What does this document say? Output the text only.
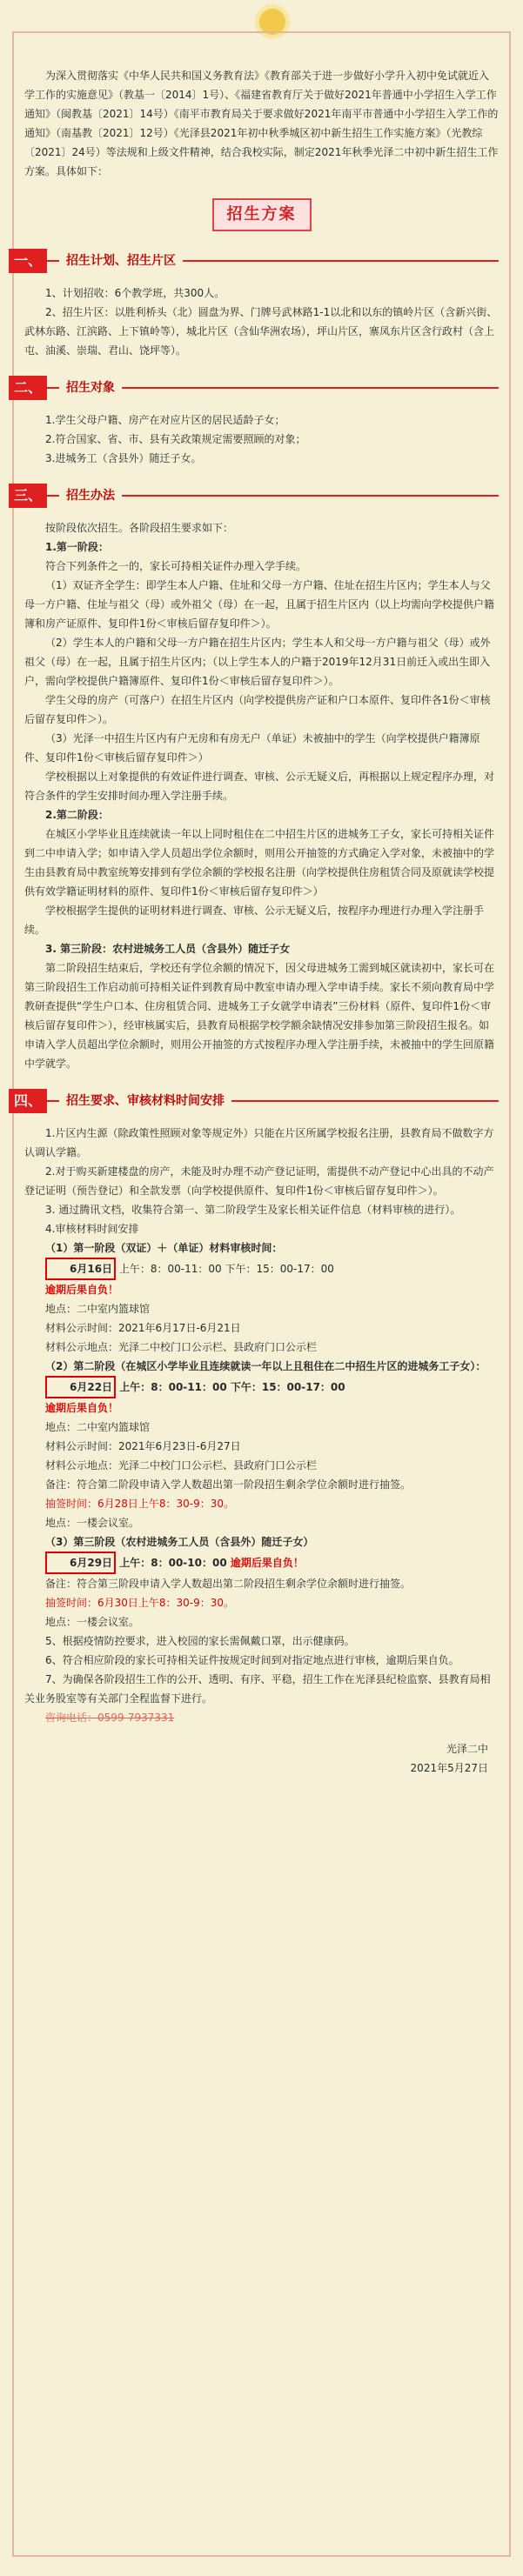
为深入贯彻落实《中华人民共和国义务教育法》《教育部关于进一步做好小学升入初中免试就近入学工作的实施意见》（教基一〔2014〕1号）、《福建省教育厅关于做好2021年普通中小学招生入学工作通知》（闽教基〔2021〕14号）《南平市教育局关于要求做好2021年南平市普通中小学招生入学工作的通知》（南基教〔2021〕12号）《光泽县2021年初中秋季城区初中新生招生工作实施方案》（光教综〔2021〕24号）等法规和上级文件精神，结合我校实际，制定2021年秋季光泽二中初中新生招生工作方案。具体如下：

招生方案
一、	招生计划、招生片区

1、计划招收：6个教学班，共300人。

2、招生片区：以胜利桥头（北）圆盘为界、门牌号武林路1-1以北和以东的镇岭片区（含新兴街、武林东路、江滨路、上下镇岭等），城北片区（含仙华洲农场），坪山片区，寨凤东片区含行政村（含上屯、油溪、崇瑞、君山、饶坪等）。

二、	招生对象

1.学生父母户籍、房产在对应片区的居民适龄子女；

2.符合国家、省、市、县有关政策规定需要照顾的对象；

3.进城务工（含县外）随迁子女。

三、	招生办法

按阶段依次招生。各阶段招生要求如下：

1.第一阶段：

符合下列条件之一的，家长可持相关证件办理入学手续。

（1）双证齐全学生：即学生本人户籍、住址和父母一方户籍、住址在招生片区内；学生本人与父母一方户籍、住址与祖父（母）或外祖父（母）在一起，且属于招生片区内（以上均需向学校提供户籍簿和房产证原件、复印件1份＜审核后留存复印件＞）。

（2）学生本人的户籍和父母一方户籍在招生片区内；学生本人和父母一方户籍与祖父（母）或外祖父（母）在一起，且属于招生片区内；（以上学生本人的户籍于2019年12月31日前迁入或出生即入户，需向学校提供户籍簿原件、复印件1份＜审核后留存复印件＞）。

学生父母的房产（可落户）在招生片区内（向学校提供房产证和户口本原件、复印件各1份＜审核后留存复印件＞）。

（3）光泽一中招生片区内有户无房和有房无户（单证）未被抽中的学生（向学校提供户籍簿原件、复印件1份＜审核后留存复印件＞）

学校根据以上对象提供的有效证件进行调查、审核、公示无疑义后，再根据以上规定程序办理，对符合条件的学生安排时间办理入学注册手续。

2.第二阶段：

在城区小学毕业且连续就读一年以上同时租住在二中招生片区的进城务工子女，家长可持相关证件到二中申请入学；如申请入学人员超出学位余额时，则用公开抽签的方式确定入学对象，未被抽中的学生由县教育局中教室统筹安排到有学位余额的学校报名注册（向学校提供住房租赁合同及原就读学校提供有效学籍证明材料的原件、复印件1份＜审核后留存复印件＞）

学校根据学生提供的证明材料进行调查、审核、公示无疑义后，按程序办理进行办理入学注册手续。

3. 第三阶段：农村进城务工人员（含县外）随迁子女

第二阶段招生结束后，学校还有学位余额的情况下，因父母进城务工需到城区就读初中，家长可在第三阶段招生工作启动前可持相关证件到教育局中教室申请办理入学申请手续。家长不须向教育局中学教研查提供“学生户口本、住房租赁合同、进城务工子女就学申请表”三份材料（原件、复印件1份＜审核后留存复印件＞），经审核属实后，县教育局根据学校学额余缺情况安排参加第三阶段招生报名。如申请入学人员超出学位余额时，则用公开抽签的方式按程序办理入学注册手续，未被抽中的学生回原籍中学就学。

四、	招生要求、审核材料时间安排

1.片区内生源（除政策性照顾对象等规定外）只能在片区所属学校报名注册，县教育局不做数字方认调认学籍。

2.对于购买新建楼盘的房产，未能及时办理不动产登记证明，需提供不动产登记中心出具的不动产登记证明（预告登记）和全款发票（向学校提供原件、复印件1份＜审核后留存复印件＞）。

3. 通过腾讯文档，收集符合第一、第二阶段学生及家长相关证件信息（材料审核的进行）。

4.审核材料时间安排

（1）第一阶段（双证）＋（单证）材料审核时间：

6月16日 上午：8：00-11：00 下午：15：00-17：00

逾期后果自负！

地点：二中室内篮球馆

材料公示时间：2021年6月17日-6月21日

材料公示地点：光泽二中校门口公示栏、县政府门口公示栏

（2）第二阶段（在城区小学毕业且连续就读一年以上且租住在二中招生片区的进城务工子女）：

6月22日 上午：8：00-11：00 下午：15：00-17：00

逾期后果自负！

地点：二中室内篮球馆

材料公示时间：2021年6月23日-6月27日

材料公示地点：光泽二中校门口公示栏、县政府门口公示栏

备注：符合第二阶段申请入学人数超出第一阶段招生剩余学位余额时进行抽签。

抽签时间：6月28日上午8：30-9：30。

地点：一楼会议室。

（3）第三阶段（农村进城务工人员（含县外）随迁子女）

6月29日 上午：8：00-10：00 逾期后果自负！

备注：符合第三阶段申请入学人数超出第二阶段招生剩余学位余额时进行抽签。

抽签时间：6月30日上午8：30-9：30。

地点：一楼会议室。

5、根据疫情防控要求，进入校园的家长需佩戴口罩，出示健康码。

6、符合相应阶段的家长可持相关证件按规定时间到对指定地点进行审核，逾期后果自负。

7、为确保各阶段招生工作的公开、透明、有序、平稳，招生工作在光泽县纪检监察、县教育局相关业务股室等有关部门全程监督下进行。

咨询电话：0599-7937331

光泽二中

2021年5月27日
